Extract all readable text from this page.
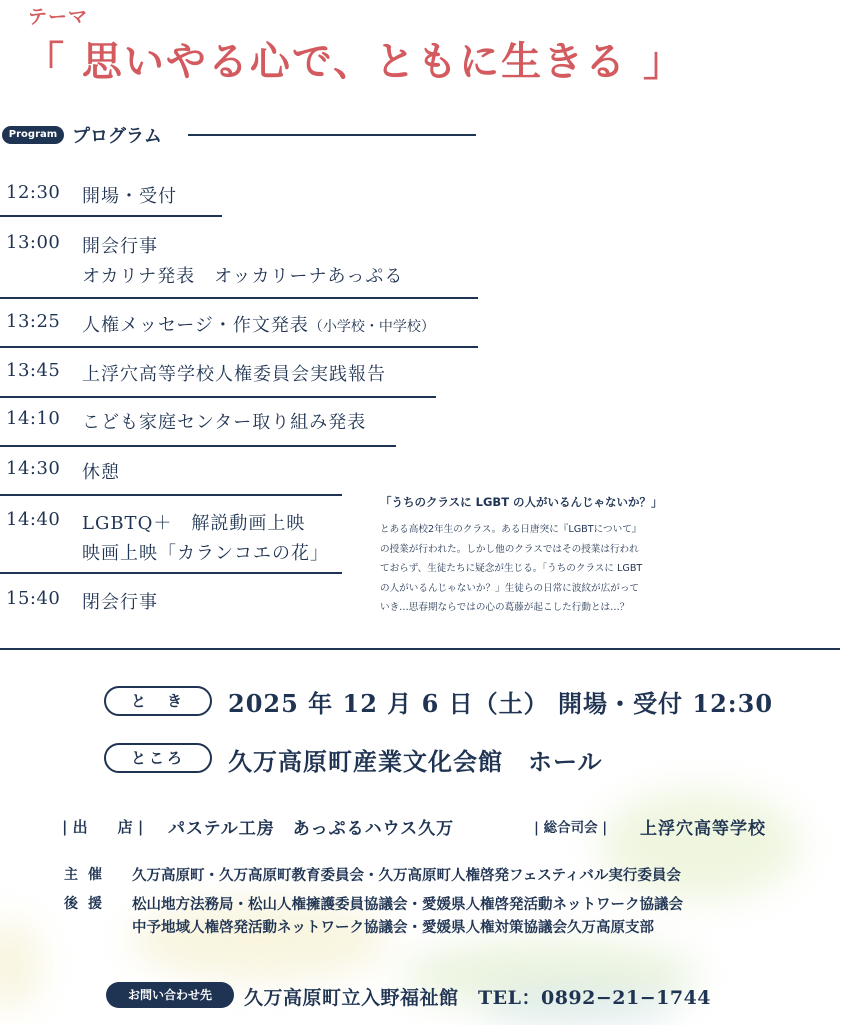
テーマ
「 思いやる心で、ともに生きる 」
Program プログラム
12:30 開場・受付
13:00 開会行事
オカリナ発表　オッカリーナあっぷる
13:25 人権メッセージ・作文発表（小学校・中学校）
13:45 上浮穴高等学校人権委員会実践報告
14:10 こども家庭センター取り組み発表
14:30 休憩
14:40 LGBTQ＋　解説動画上映
映画上映「カランコエの花」
15:40 閉会行事
「うちのクラスに LGBT の人がいるんじゃないか？」
とある高校2年生のクラス。ある日唐突に『LGBTについて』
の授業が行われた。しかし他のクラスではその授業は行われ
ておらず、生徒たちに疑念が生じる。「うちのクラスに LGBT
の人がいるんじゃないか？」生徒らの日常に波紋が広がって
いき…思春期ならではの心の葛藤が起こした行動とは…？
と　き	2025 年 12 月 6 日（土） 開場・受付 12:30
ところ	久万高原町産業文化会館　ホール
| 出　　店 | パステル工房　あっぷるハウス久万	| 総合司会 | 上浮穴高等学校
主催 久万高原町・久万高原町教育委員会・久万高原町人権啓発フェスティバル実行委員会
後援 松山地方法務局・松山人権擁護委員協議会・愛媛県人権啓発活動ネットワーク協議会
中予地域人権啓発活動ネットワーク協議会・愛媛県人権対策協議会久万高原支部
お問い合わせ先	久万高原町立入野福祉館　TEL：0892−21−1744
